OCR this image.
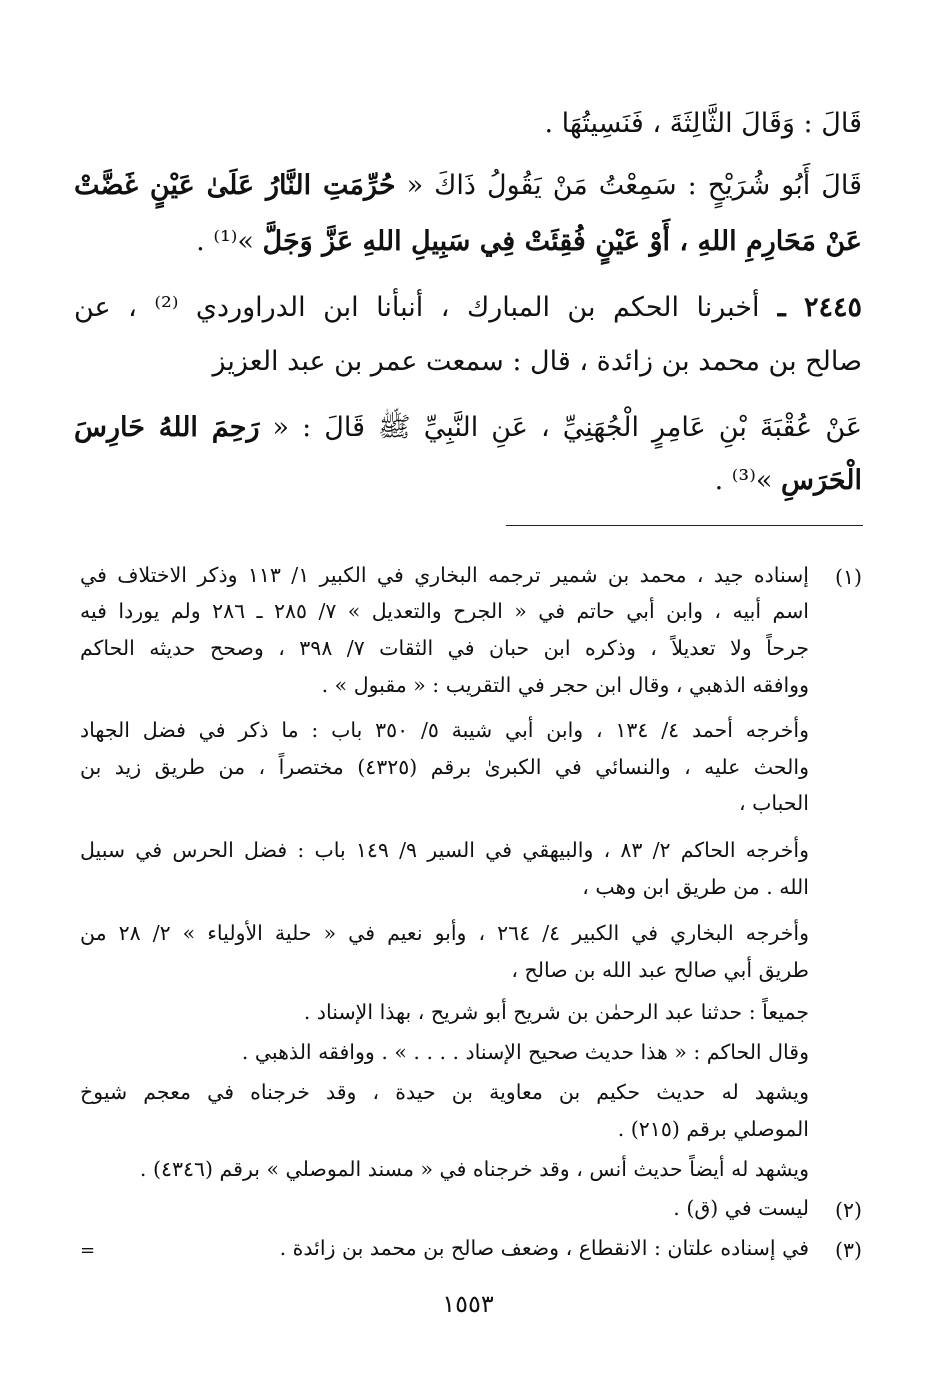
قَالَ : وَقَالَ الثَّالِثَةَ ، فَنَسِيتُهَا .
قَالَ أَبُو شُرَيْحٍ : سَمِعْتُ مَنْ يَقُولُ ذَاكَ « حُرِّمَتِ النَّارُ عَلَىٰ عَيْنٍ غَضَّتْ
عَنْ مَحَارِمِ اللهِ ، أَوْ عَيْنٍ فُقِئَتْ فِي سَبِيلِ اللهِ عَزَّ وَجَلَّ »⁽¹⁾ .
٢٤٤٥ ـ أخبرنا الحكم بن المبارك ، أنبأنا ابن الدراوردي ⁽²⁾ ، عن
صالح بن محمد بن زائدة ، قال : سمعت عمر بن عبد العزيز
عَنْ عُقْبَةَ بْنِ عَامِرٍ الْجُهَنِيِّ ، عَنِ النَّبِيِّ ﷺ قَالَ : « رَحِمَ اللهُ حَارِسَ
الْحَرَسِ »⁽³⁾ .
(١)
إسناده جيد ، محمد بن شمير ترجمه البخاري في الكبير ١/ ١١٣ وذكر الاختلاف في
اسم أبيه ، وابن أبي حاتم في « الجرح والتعديل » ٧/ ٢٨٥ ـ ٢٨٦ ولم يوردا فيه
جرحاً ولا تعديلاً ، وذكره ابن حبان في الثقات ٧/ ٣٩٨ ، وصحح حديثه الحاكم
ووافقه الذهبي ، وقال ابن حجر في التقريب : « مقبول » .
وأخرجه أحمد ٤/ ١٣٤ ، وابن أبي شيبة ٥/ ٣٥٠ باب : ما ذكر في فضل الجهاد
والحث عليه ، والنسائي في الكبرىٰ برقم (٤٣٢٥) مختصراً ، من طريق زيد بن
الحباب ،
وأخرجه الحاكم ٢/ ٨٣ ، والبيهقي في السير ٩/ ١٤٩ باب : فضل الحرس في سبيل
الله . من طريق ابن وهب ،
وأخرجه البخاري في الكبير ٤/ ٢٦٤ ، وأبو نعيم في « حلية الأولياء » ٢/ ٢٨ من
طريق أبي صالح عبد الله بن صالح ،
جميعاً : حدثنا عبد الرحمٰن بن شريح أبو شريح ، بهذا الإسناد .
وقال الحاكم : « هذا حديث صحيح الإسناد . . . . » . ووافقه الذهبي .
ويشهد له حديث حكيم بن معاوية بن حيدة ، وقد خرجناه في معجم شيوخ
الموصلي برقم (٢١٥) .
ويشهد له أيضاً حديث أنس ، وقد خرجناه في « مسند الموصلي » برقم (٤٣٤٦) .
(٢)
ليست في (ق) .
(٣)
في إسناده علتان : الانقطاع ، وضعف صالح بن محمد بن زائدة .
=
١٥٥٣
